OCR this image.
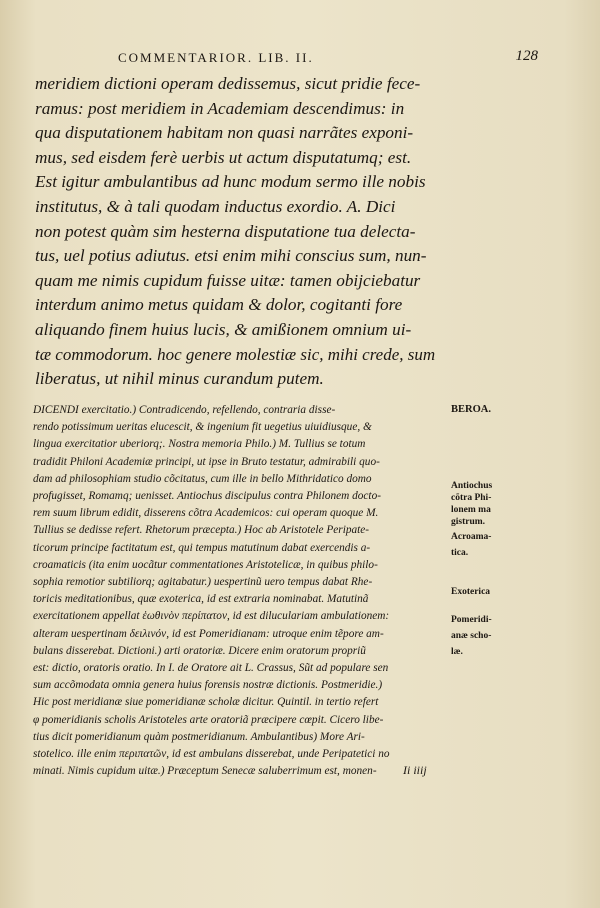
COMMENTARIOR. LIB. II.	128
meridiem dictioni operam dedissemus, sicut pridie fece-
ramus: post meridiem in Academiam descendimus: in
qua disputationem habitam non quasi narrãtes exponi-
mus, sed eisdem ferè uerbis ut actum disputatumq; est.
Est igitur ambulantibus ad hunc modum sermo ille nobis
institutus, & à tali quodam inductus exordio. A. Dici
non potest quàm sim hesterna disputatione tua delecta-
tus, uel potius adiutus. etsi enim mihi conscius sum, nun-
quam me nimis cupidum fuisse uitæ: tamen obijciebatur
interdum animo metus quidam & dolor, cogitanti fore
aliquando finem huius lucis, & amißionem omnium ui-
tæ commodorum. hoc genere molestiæ sic, mihi crede, sum
liberatus, ut nihil minus curandum putem.
DICENDI exercitatio.) Contradicendo, refellendo, contraria disse-
rendo potissimum ueritas elucescit, & ingenium fit uegetius uiuidiusque, &
lingua exercitatior uberiorq;. Nostra memoria Philo.) M. Tullius se totum
tradidit Philoni Academiæ principi, ut ipse in Bruto testatur, admirabili quo-
dam ad philosophiam studio cõcitatus, cum ille in bello Mithridatico domo
profugisset, Romamq; uenisset. Antiochus discipulus contra Philonem docto-
rem suum librum edidit, disserens cõtra Academicos: cui operam quoque M.
Tullius se dedisse refert. Rhetorum præcepta.) Hoc ab Aristotele Peripate-
ticorum principe factitatum est, qui tempus matutinum dabat exercendis a-
croamaticis (ita enim uocãtur commentationes Aristotelicæ, in quibus philo-
sophia remotior subtiliorq; agitabatur.) uespertinũ uero tempus dabat Rhe-
toricis meditationibus, quæ exoterica, id est extraria nominabat. Matutinã
exercitationem appellat ἑωθινὸν περίπατον, id est diluculariam ambulationem:
alteram uespertinam δειλινόν, id est Pomeridianam: utroque enim tẽpore am-
bulans disserebat. Dictioni.) arti oratoriæ. Dicere enim oratorum propriũ
est: dictio, oratoris oratio. In I. de Oratore ait L. Crassus, Sũt ad populare sen
sum accõmodata omnia genera huius forensis nostræ dictionis. Postmeridie.)
Hic post meridianæ siue pomeridianæ scholæ dicitur. Quintil. in tertio refert
φ pomeridianis scholis Aristoteles arte oratoriã præcipere cœpit. Cicero libe-
tius dicit pomeridianum quàm postmeridianum. Ambulantibus) More Ari-
stotelico. ille enim περιπατῶν, id est ambulans disserebat, unde Peripatetici no
minati. Nimis cupidum uitæ.) Præceptum Senecæ saluberrimum est, monen-
BEROA.
Antiochus
cõtra Phi-
lonem ma
gistrum.
Acroama-
tica.
Exoterica
Pomeridi-
anæ scho-
læ.
Ii iiij
